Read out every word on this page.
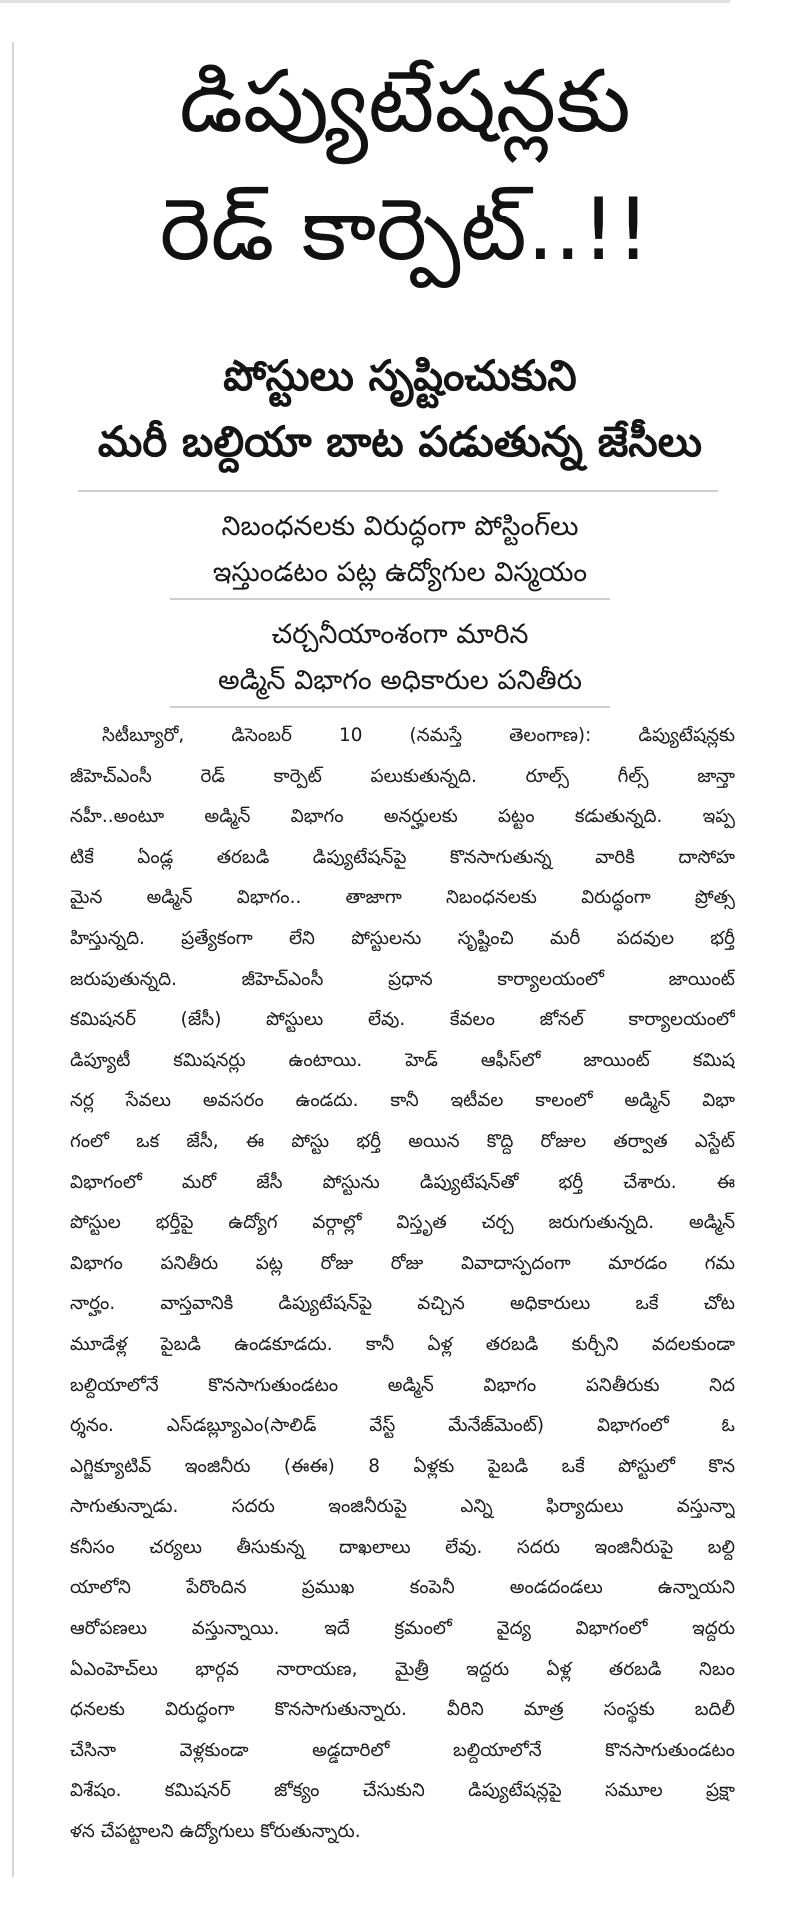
డిప్యుటేషన్లకు
రెడ్ కార్పెట్..!!
పోస్టులు సృష్టించుకుని
మరీ బల్దియా బాట పడుతున్న జేసీలు
నిబంధనలకు విరుద్ధంగా పోస్టింగ్‌లు
ఇస్తుండటం పట్ల ఉద్యోగుల విస్మయం
చర్చనీయాంశంగా మారిన
అడ్మిన్ విభాగం అధికారుల పనితీరు
సిటీబ్యూరో, డిసెంబర్ 10 (నమస్తే తెలంగాణ): డిప్యుటేషన్లకు
జీహెచ్ఎంసీ రెడ్ కార్పెట్ పలుకుతున్నది. రూల్స్ గీల్స్ జాన్తా
నహీ..అంటూ అడ్మిన్ విభాగం అనర్హులకు పట్టం కడుతున్నది. ఇప్ప
టికే ఏండ్ల తరబడి డిప్యుటేషన్‌పై కొనసాగుతున్న వారికి దాసోహ
మైన అడ్మిన్ విభాగం.. తాజాగా నిబంధనలకు విరుద్ధంగా ప్రోత్స
హిస్తున్నది. ప్రత్యేకంగా లేని పోస్టులను సృష్టించి మరీ పదవుల భర్తీ
జరుపుతున్నది. జీహెచ్ఎంసీ ప్రధాన కార్యాలయంలో జాయింట్
కమిషనర్ (జేసీ) పోస్టులు లేవు. కేవలం జోనల్ కార్యాలయంలో
డిప్యూటీ కమిషనర్లు ఉంటాయి. హెడ్ ఆఫీస్‌లో జాయింట్ కమిష
నర్ల సేవలు అవసరం ఉండదు. కానీ ఇటీవల కాలంలో అడ్మిన్ విభా
గంలో ఒక జేసీ, ఈ పోస్టు భర్తీ అయిన కొద్ది రోజుల తర్వాత ఎస్టేట్
విభాగంలో మరో జేసీ పోస్టును డిప్యుటేషన్‌తో భర్తీ చేశారు. ఈ
పోస్టుల భర్తీపై ఉద్యోగ వర్గాల్లో విస్తృత చర్చ జరుగుతున్నది. అడ్మిన్
విభాగం పనితీరు పట్ల రోజు రోజు వివాదాస్పదంగా మారడం గమ
నార్హం. వాస్తవానికి డిప్యుటేషన్‌పై వచ్చిన అధికారులు ఒకే చోట
మూడేళ్ల పైబడి ఉండకూడదు. కానీ ఏళ్ల తరబడి కుర్చీని వదలకుండా
బల్దియాలోనే కొనసాగుతుండటం అడ్మిన్ విభాగం పనితీరుకు నిద
ర్శనం. ఎస్‌డబ్ల్యూఎం(సాలిడ్ వేస్ట్ మేనేజ్‌మెంట్) విభాగంలో ఓ
ఎగ్జిక్యూటివ్ ఇంజినీరు (ఈఈ) 8 ఏళ్లకు పైబడి ఒకే పోస్టులో కొన
సాగుతున్నాడు. సదరు ఇంజినీరుపై ఎన్ని ఫిర్యాదులు వస్తున్నా
కనీసం చర్యలు తీసుకున్న దాఖలాలు లేవు. సదరు ఇంజినీరుపై బల్ది
యాలోని పేరొందిన ప్రముఖ కంపెనీ అండదండలు ఉన్నాయని
ఆరోపణలు వస్తున్నాయి. ఇదే క్రమంలో వైద్య విభాగంలో ఇద్దరు
ఏఎంహెచ్‌లు భార్గవ నారాయణ, మైత్రీ ఇద్దరు ఏళ్ల తరబడి నిబం
ధనలకు విరుద్ధంగా కొనసాగుతున్నారు. వీరిని మాత్ర సంస్థకు బదిలీ
చేసినా వెళ్లకుండా అడ్డదారిలో బల్దియాలోనే కొనసాగుతుండటం
విశేషం. కమిషనర్ జోక్యం చేసుకుని డిప్యుటేషన్లపై సమూల ప్రక్షా
ళన చేపట్టాలని ఉద్యోగులు కోరుతున్నారు.
